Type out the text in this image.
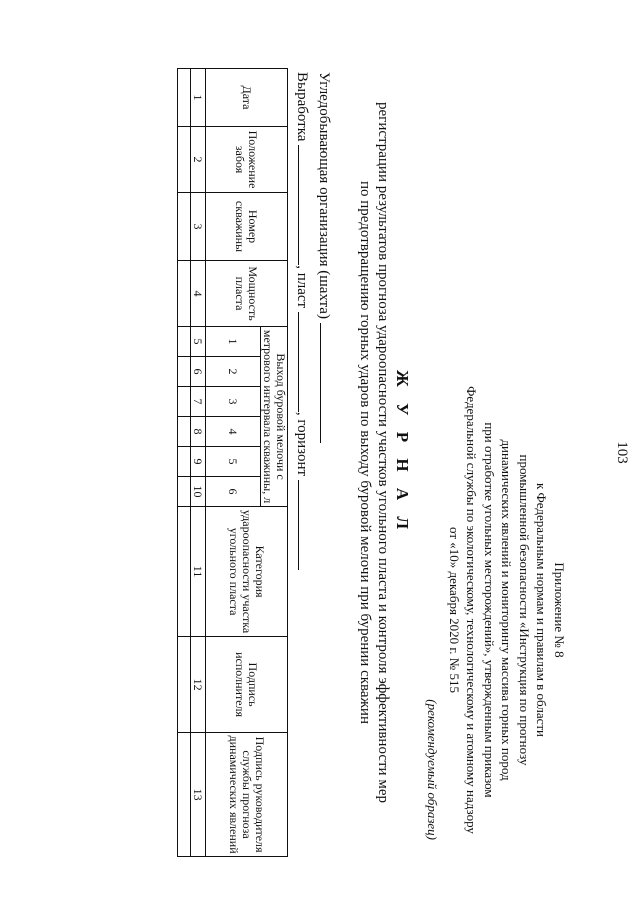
103
Приложение № 8
к Федеральным нормам и правилам в области
промышленной безопасности «Инструкция по прогнозу
динамических явлений и мониторингу массива горных пород
при отработке угольных месторождений», утвержденным приказом
Федеральной службы по экологическому, технологическому и атомному надзору
от «10» декабря 2020 г. № 515
(рекомендуемый образец)
Ж У Р Н А Л
регистрации результатов прогноза удароопасности участков угольного пласта и контроля эффективности мер
по предотвращению горных ударов по выходу буровой мелочи при бурении скважин
Угледобывающая организация (шахта)
Выработка , пласт , горизонт
Дата	Положение забоя	Номер скважины	Мощность пласта	Выход буровой мелочи с метрового интервала скважины, л						Категория удароопасности участка угольного пласта	Подпись исполнителя	Подпись руководителя службы прогноза динамических явлений
				1	2	3	4	5	6			
1	2	3	4	5	6	7	8	9	10	11	12	13
